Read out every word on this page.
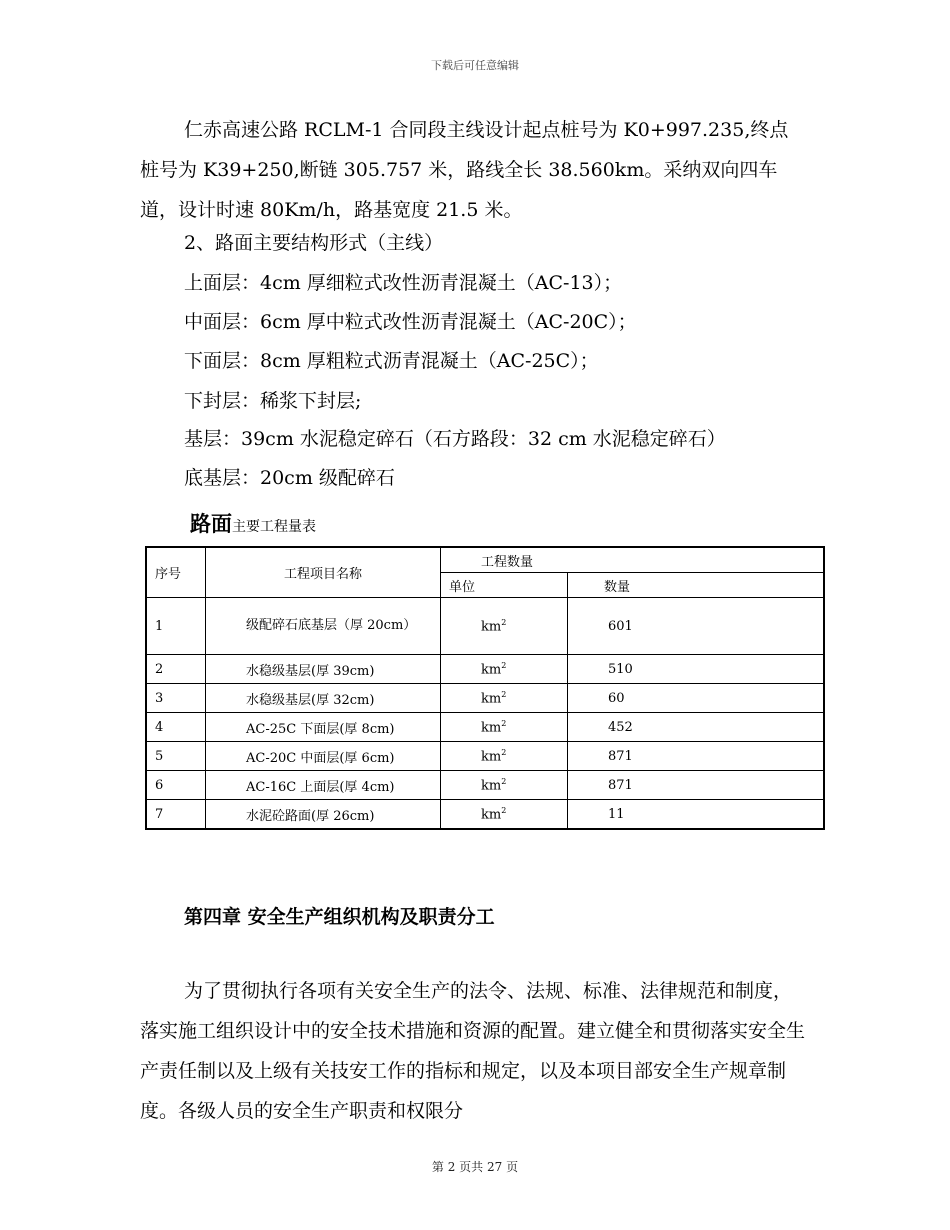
下载后可任意编辑
仁赤高速公路 RCLM-1 合同段主线设计起点桩号为 K0+997.235,终点桩号为 K39+250,断链 305.757 米，路线全长 38.560km。采纳双向四车道，设计时速 80Km/h，路基宽度 21.5 米。
2、路面主要结构形式（主线）
上面层：4cm 厚细粒式改性沥青混凝土（AC-13）；
中面层：6cm 厚中粒式改性沥青混凝土（AC-20C）；
下面层：8cm 厚粗粒式沥青混凝土（AC-25C）；
下封层：稀浆下封层;
基层：39cm 水泥稳定碎石（石方路段：32 cm 水泥稳定碎石）
底基层：20cm 级配碎石
路面主要工程量表
序号	工程项目名称	工程数量	
		单位	数量
1	级配碎石底基层（厚 20cm）	$km^2$	601
2	水稳级基层(厚 39cm)	$km^2$	510
3	水稳级基层(厚 32cm)	$km^2$	60
4	AC-25C 下面层(厚 8cm)	$km^2$	452
5	AC-20C 中面层(厚 6cm)	$km^2$	871
6	AC-16C 上面层(厚 4cm)	$km^2$	871
7	水泥砼路面(厚 26cm)	$km^2$	11
第四章 安全生产组织机构及职责分工
为了贯彻执行各项有关安全生产的法令、法规、标准、法律规范和制度，落实施工组织设计中的安全技术措施和资源的配置。建立健全和贯彻落实安全生产责任制以及上级有关技安工作的指标和规定，以及本项目部安全生产规章制度。各级人员的安全生产职责和权限分
第 2 页共 27 页
